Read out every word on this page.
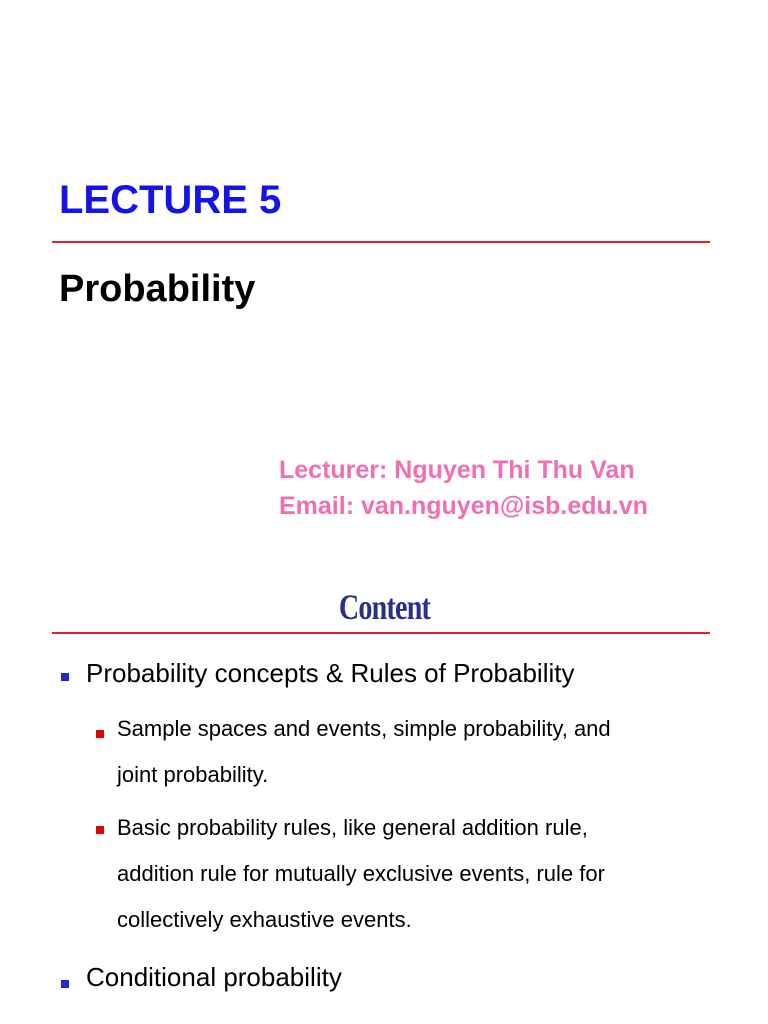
LECTURE 5
Probability
Lecturer: Nguyen Thi Thu Van
Email: van.nguyen@isb.edu.vn
Content
Probability concepts & Rules of Probability
Sample spaces and events, simple probability, and
joint probability.
Basic probability rules, like general addition rule,
addition rule for mutually exclusive events, rule for
collectively exhaustive events.
Conditional probability
